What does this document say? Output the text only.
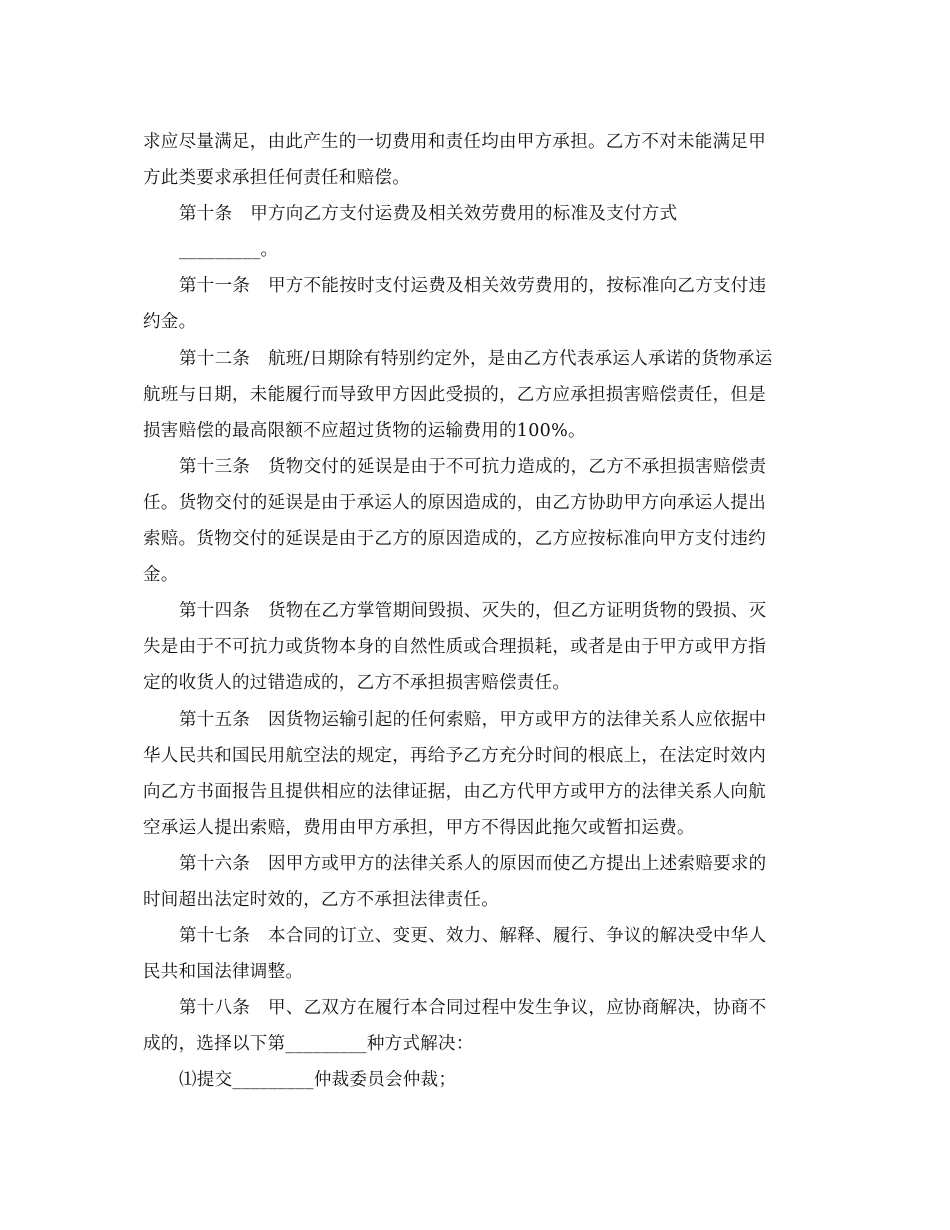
求应尽量满足，由此产生的一切费用和责任均由甲方承担。乙方不对未能满足甲
方此类要求承担任何责任和赔偿。
第十条　甲方向乙方支付运费及相关效劳费用的标准及支付方式
_________。
第十一条　甲方不能按时支付运费及相关效劳费用的，按标准向乙方支付违
约金。
第十二条　航班/日期除有特别约定外，是由乙方代表承运人承诺的货物承运
航班与日期，未能履行而导致甲方因此受损的，乙方应承担损害赔偿责任，但是
损害赔偿的最高限额不应超过货物的运输费用的100%。
第十三条　货物交付的延误是由于不可抗力造成的，乙方不承担损害赔偿责
任。货物交付的延误是由于承运人的原因造成的，由乙方协助甲方向承运人提出
索赔。货物交付的延误是由于乙方的原因造成的，乙方应按标准向甲方支付违约
金。
第十四条　货物在乙方掌管期间毁损、灭失的，但乙方证明货物的毁损、灭
失是由于不可抗力或货物本身的自然性质或合理损耗，或者是由于甲方或甲方指
定的收货人的过错造成的，乙方不承担损害赔偿责任。
第十五条　因货物运输引起的任何索赔，甲方或甲方的法律关系人应依据中
华人民共和国民用航空法的规定，再给予乙方充分时间的根底上，在法定时效内
向乙方书面报告且提供相应的法律证据，由乙方代甲方或甲方的法律关系人向航
空承运人提出索赔，费用由甲方承担，甲方不得因此拖欠或暂扣运费。
第十六条　因甲方或甲方的法律关系人的原因而使乙方提出上述索赔要求的
时间超出法定时效的，乙方不承担法律责任。
第十七条　本合同的订立、变更、效力、解释、履行、争议的解决受中华人
民共和国法律调整。
第十八条　甲、乙双方在履行本合同过程中发生争议，应协商解决，协商不
成的，选择以下第_________种方式解决：
⑴提交_________仲裁委员会仲裁；
